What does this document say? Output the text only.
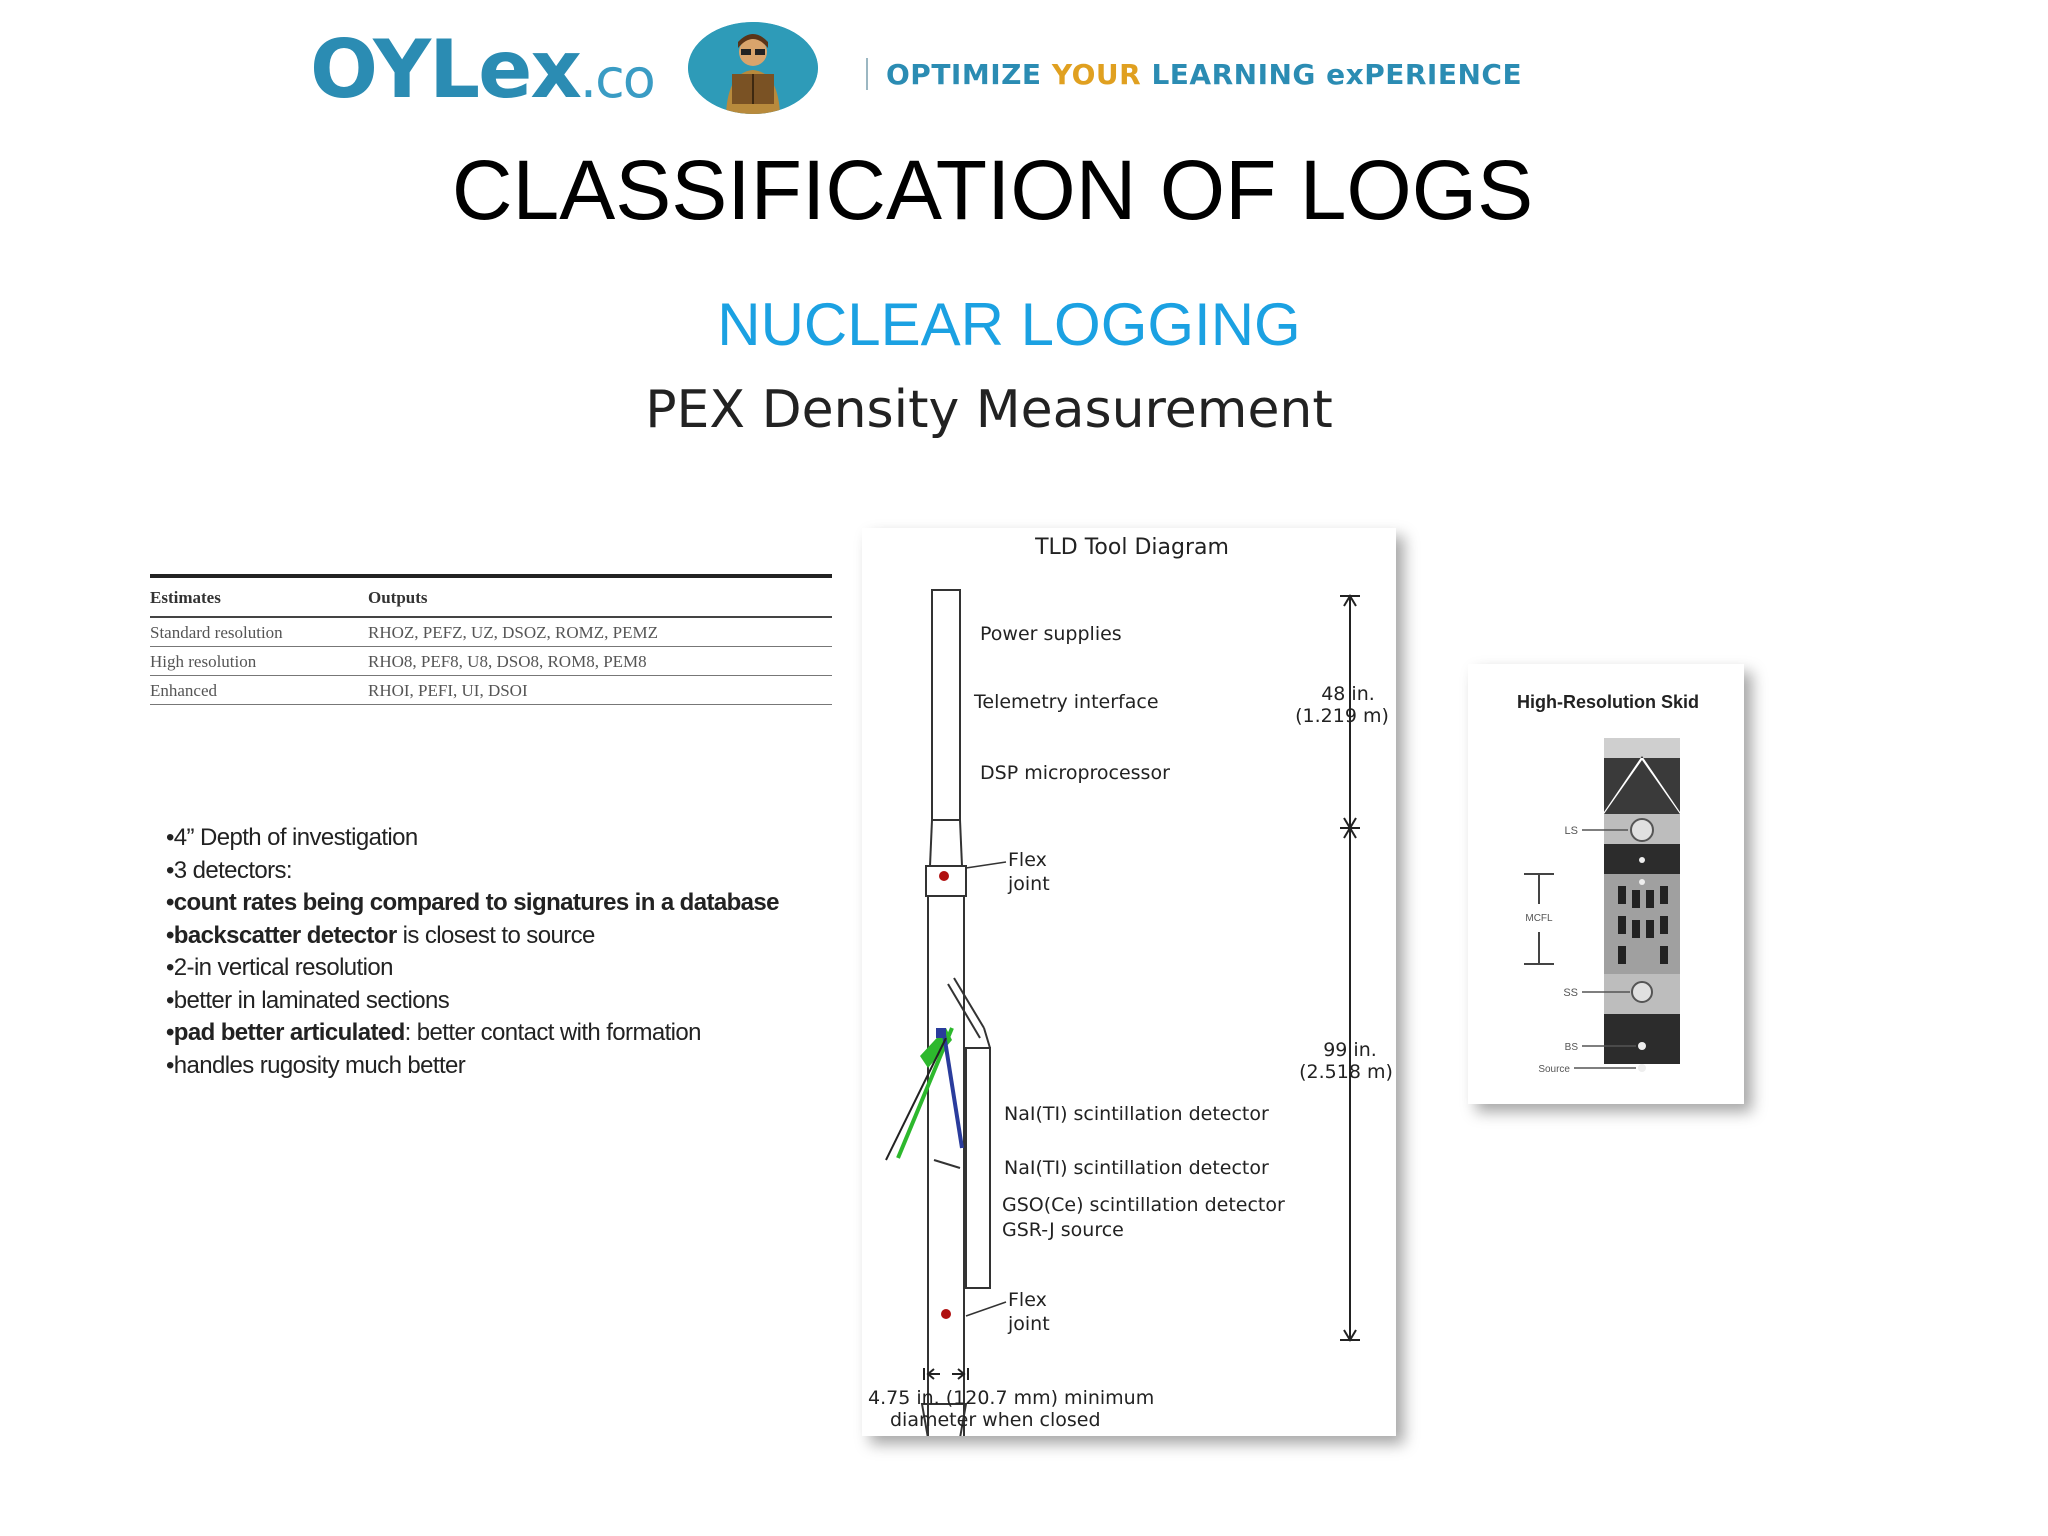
OYLex.co	OPTIMIZE YOUR LEARNING exPERIENCE
CLASSIFICATION OF LOGS
NUCLEAR LOGGING
PEX Density Measurement
Estimates	Outputs
Standard resolution	RHOZ, PEFZ, UZ, DSOZ, ROMZ, PEMZ
High resolution	RHO8, PEF8, U8, DSO8, ROM8, PEM8
Enhanced	RHOI, PEFI, UI, DSOI
•4” Depth of investigation
•3 detectors:
•count rates being compared to signatures in a database
•backscatter detector is closest to source
•2-in vertical resolution
•better in laminated sections
•pad better articulated: better contact with formation
•handles rugosity much better
TLD Tool Diagram
Power supplies
Telemetry interface
DSP microprocessor
Flex
joint
NaI(TI) scintillation detector
NaI(TI) scintillation detector
GSO(Ce) scintillation detector
GSR-J source
Flex
joint
48 in.
(1.219 m)
99 in.
(2.518 m)
4.75 in. (120.7 mm) minimum
diameter when closed
High-Resolution Skid
LS
MCFL
SS
BS
Source
